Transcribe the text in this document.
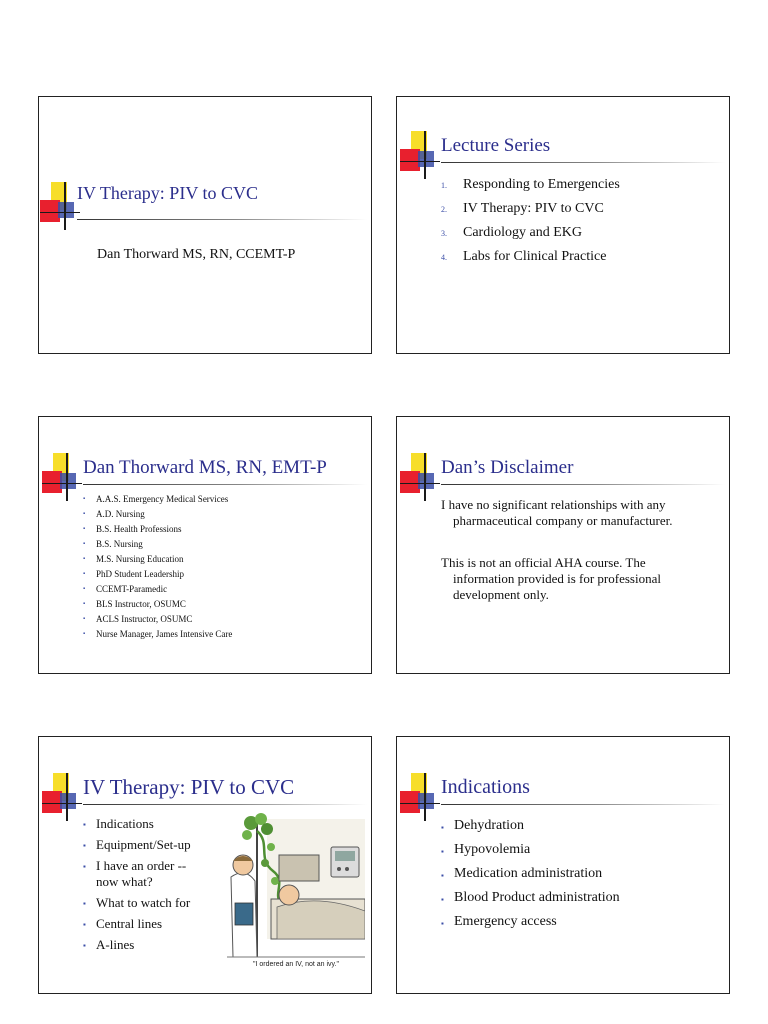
IV Therapy: PIV to CVC
Dan Thorward MS, RN, CCEMT-P
Lecture Series
1. Responding to Emergencies
2. IV Therapy: PIV to CVC
3. Cardiology and EKG
4. Labs for Clinical Practice
Dan Thorward MS, RN, EMT-P
▪ A.A.S. Emergency Medical Services
▪ A.D. Nursing
▪ B.S. Health Professions
▪ B.S. Nursing
▪ M.S. Nursing Education
▪ PhD Student Leadership
▪ CCEMT-Paramedic
▪ BLS Instructor, OSUMC
▪ ACLS Instructor, OSUMC
▪ Nurse Manager, James Intensive Care
Dan’s Disclaimer
I have no significant relationships with any
pharmaceutical company or manufacturer.
This is not an official AHA course. The
information provided is for professional
development only.
IV Therapy: PIV to CVC
▪ Indications
▪ Equipment/Set-up
▪ I have an order --
now what?
▪ What to watch for
▪ Central lines
▪ A-lines
"I ordered an IV, not an ivy."
Indications
▪ Dehydration
▪ Hypovolemia
▪ Medication administration
▪ Blood Product administration
▪ Emergency access
